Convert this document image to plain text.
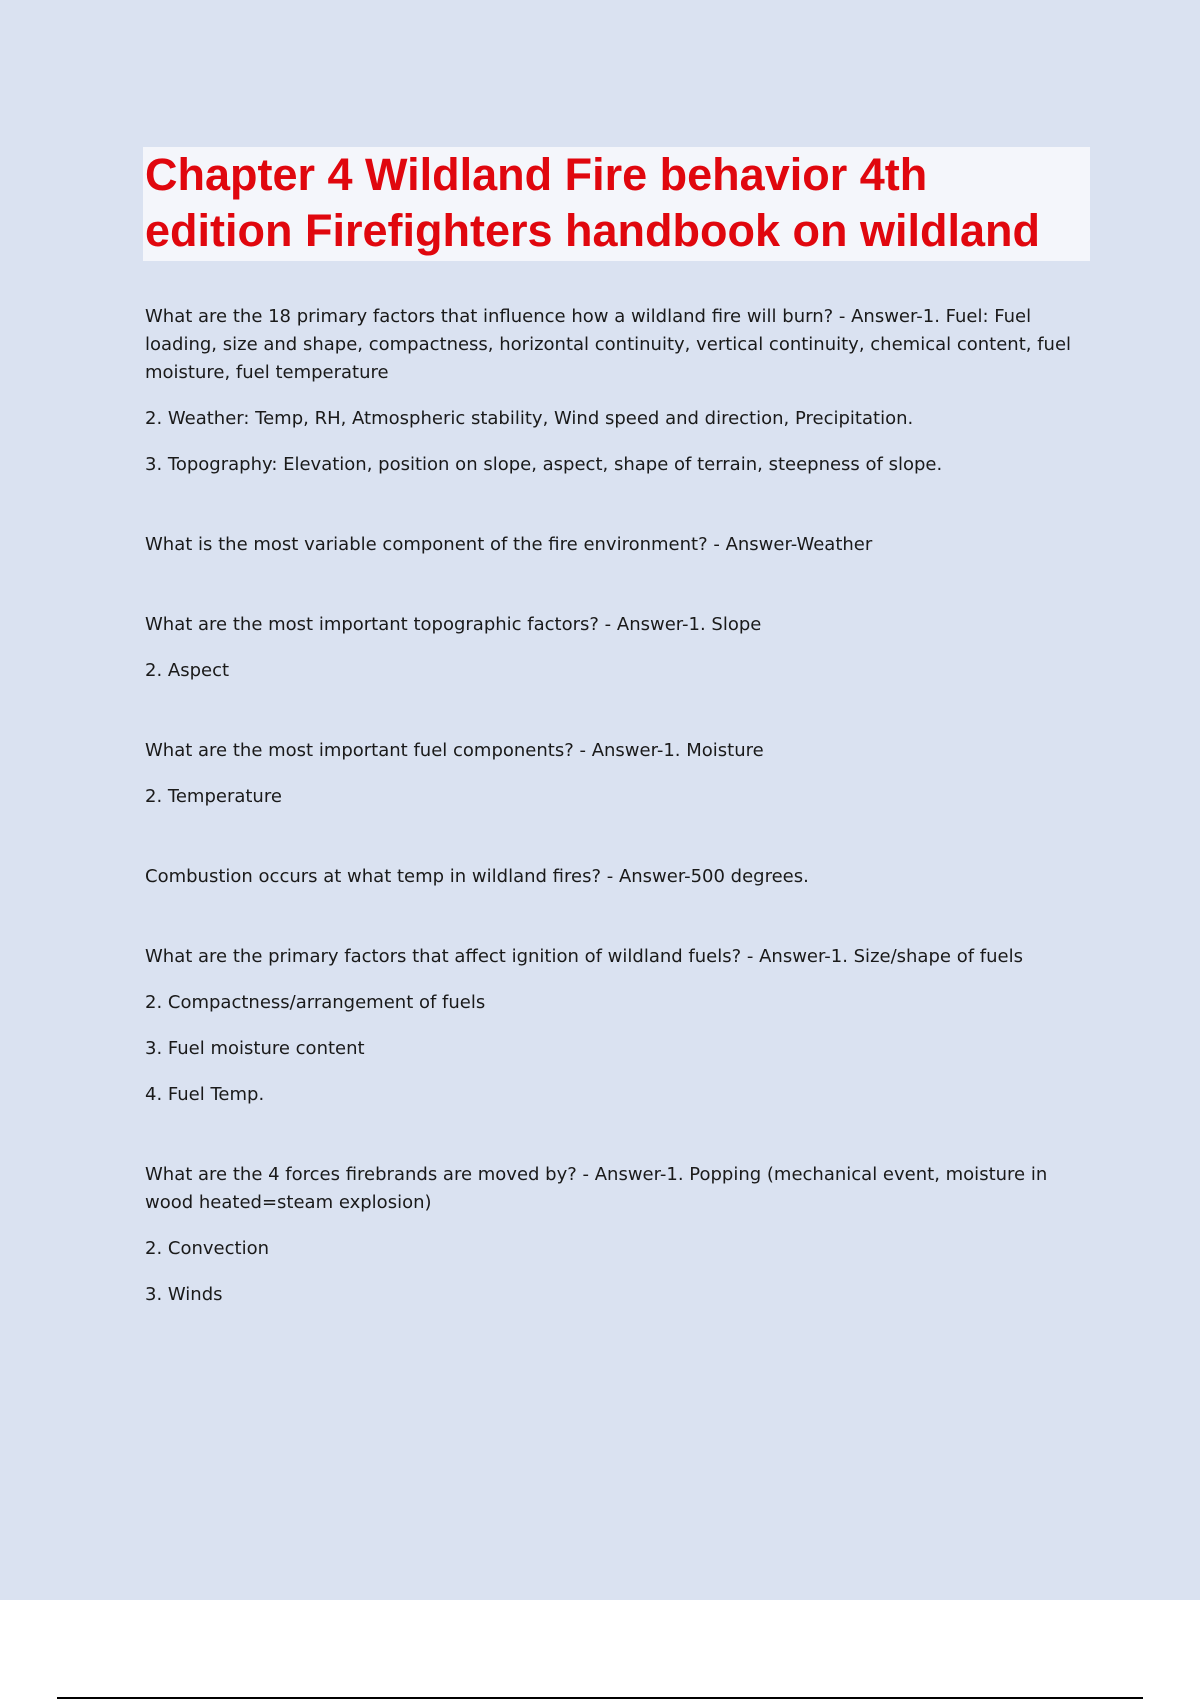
Chapter 4 Wildland Fire behavior 4th edition Firefighters handbook on wildland

What are the 18 primary factors that influence how a wildland fire will burn? - Answer-1. Fuel: Fuel loading, size and shape, compactness, horizontal continuity, vertical continuity, chemical content, fuel moisture, fuel temperature

2. Weather: Temp, RH, Atmospheric stability, Wind speed and direction, Precipitation.

3. Topography: Elevation, position on slope, aspect, shape of terrain, steepness of slope.

What is the most variable component of the fire environment? - Answer-Weather

What are the most important topographic factors? - Answer-1. Slope

2. Aspect

What are the most important fuel components? - Answer-1. Moisture

2. Temperature

Combustion occurs at what temp in wildland fires? - Answer-500 degrees.

What are the primary factors that affect ignition of wildland fuels? - Answer-1. Size/shape of fuels

2. Compactness/arrangement of fuels

3. Fuel moisture content

4. Fuel Temp.

What are the 4 forces firebrands are moved by? - Answer-1. Popping (mechanical event, moisture in wood heated=steam explosion)

2. Convection

3. Winds
